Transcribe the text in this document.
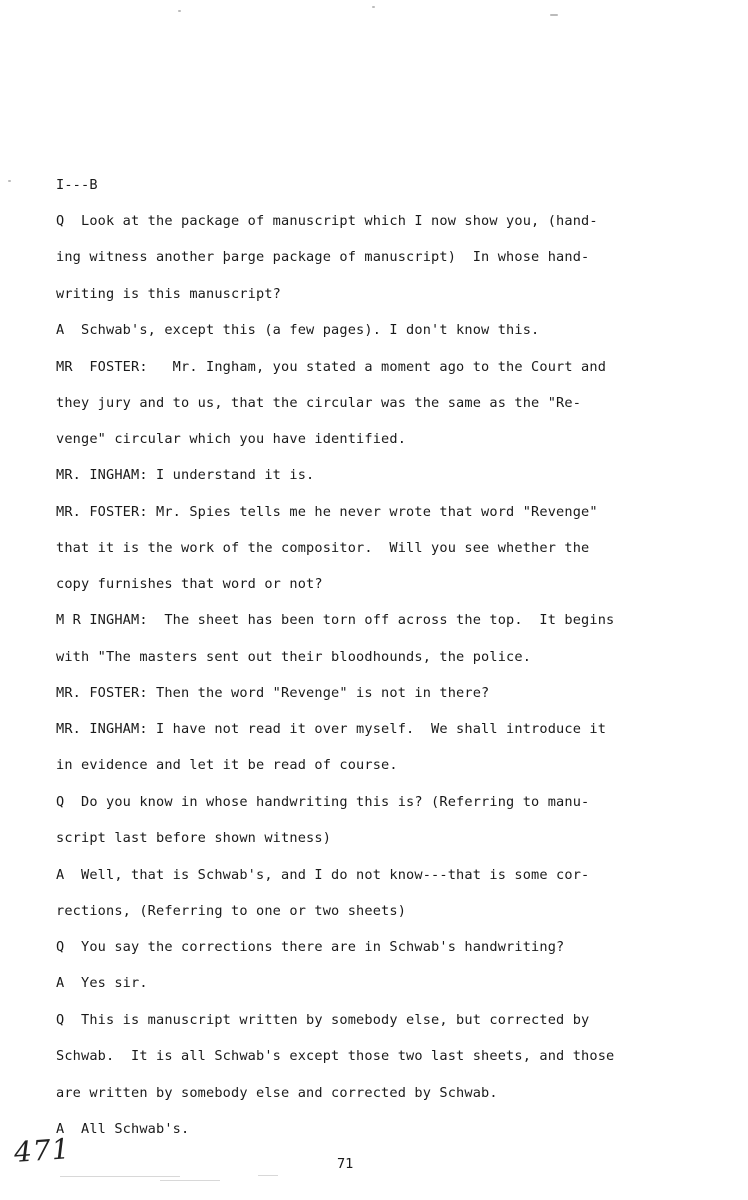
I---B
Q  Look at the package of manuscript which I now show you, (hand-
ing witness another þarge package of manuscript)  In whose hand-
writing is this manuscript?
A  Schwab's, except this (a few pages). I don't know this.
MR  FOSTER:   Mr. Ingham, you stated a moment ago to the Court and
they jury and to us, that the circular was the same as the "Re-
venge" circular which you have identified.
MR. INGHAM: I understand it is.
MR. FOSTER: Mr. Spies tells me he never wrote that word "Revenge"
that it is the work of the compositor.  Will you see whether the
copy furnishes that word or not?
M R INGHAM:  The sheet has been torn off across the top.  It begins
with "The masters sent out their bloodhounds, the police.
MR. FOSTER: Then the word "Revenge" is not in there?
MR. INGHAM: I have not read it over myself.  We shall introduce it
in evidence and let it be read of course.
Q  Do you know in whose handwriting this is? (Referring to manu-
script last before shown witness)
A  Well, that is Schwab's, and I do not know---that is some cor-
rections, (Referring to one or two sheets)
Q  You say the corrections there are in Schwab's handwriting?
A  Yes sir.
Q  This is manuscript written by somebody else, but corrected by
Schwab.  It is all Schwab's except those two last sheets, and those
are written by somebody else and corrected by Schwab.
A  All Schwab's.
471	71
